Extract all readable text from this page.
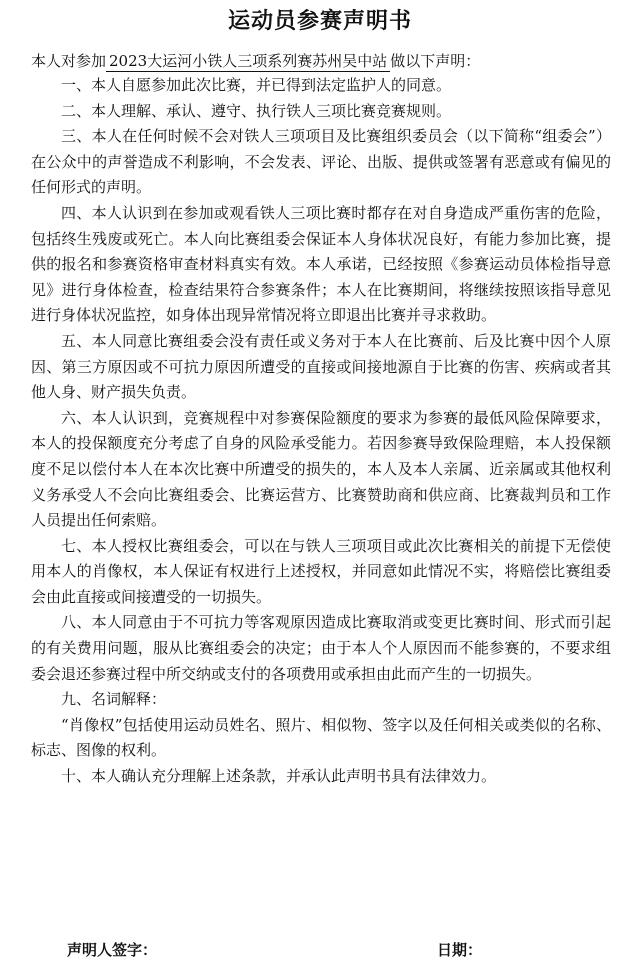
运动员参赛声明书
本人对参加 2023大运河小铁人三项系列赛苏州吴中站 做以下声明：

一、本人自愿参加此次比赛，并已得到法定监护人的同意。

二、本人理解、承认、遵守、执行铁人三项比赛竞赛规则。

三、本人在任何时候不会对铁人三项项目及比赛组织委员会（以下简称“组委会”）在公众中的声誉造成不利影响，不会发表、评论、出版、提供或签署有恶意或有偏见的任何形式的声明。

四、本人认识到在参加或观看铁人三项比赛时都存在对自身造成严重伤害的危险，包括终生残废或死亡。本人向比赛组委会保证本人身体状况良好，有能力参加比赛，提供的报名和参赛资格审查材料真实有效。本人承诺，已经按照《参赛运动员体检指导意见》进行身体检查，检查结果符合参赛条件；本人在比赛期间，将继续按照该指导意见进行身体状况监控，如身体出现异常情况将立即退出比赛并寻求救助。

五、本人同意比赛组委会没有责任或义务对于本人在比赛前、后及比赛中因个人原因、第三方原因或不可抗力原因所遭受的直接或间接地源自于比赛的伤害、疾病或者其他人身、财产损失负责。

六、本人认识到，竞赛规程中对参赛保险额度的要求为参赛的最低风险保障要求，本人的投保额度充分考虑了自身的风险承受能力。若因参赛导致保险理赔，本人投保额度不足以偿付本人在本次比赛中所遭受的损失的，本人及本人亲属、近亲属或其他权利义务承受人不会向比赛组委会、比赛运营方、比赛赞助商和供应商、比赛裁判员和工作人员提出任何索赔。

七、本人授权比赛组委会，可以在与铁人三项项目或此次比赛相关的前提下无偿使用本人的肖像权，本人保证有权进行上述授权，并同意如此情况不实，将赔偿比赛组委会由此直接或间接遭受的一切损失。

八、本人同意由于不可抗力等客观原因造成比赛取消或变更比赛时间、形式而引起的有关费用问题，服从比赛组委会的决定；由于本人个人原因而不能参赛的，不要求组委会退还参赛过程中所交纳或支付的各项费用或承担由此而产生的一切损失。

九、名词解释：

“肖像权”包括使用运动员姓名、照片、相似物、签字以及任何相关或类似的名称、标志、图像的权利。

十、本人确认充分理解上述条款，并承认此声明书具有法律效力。

声明人签字：	日期：
